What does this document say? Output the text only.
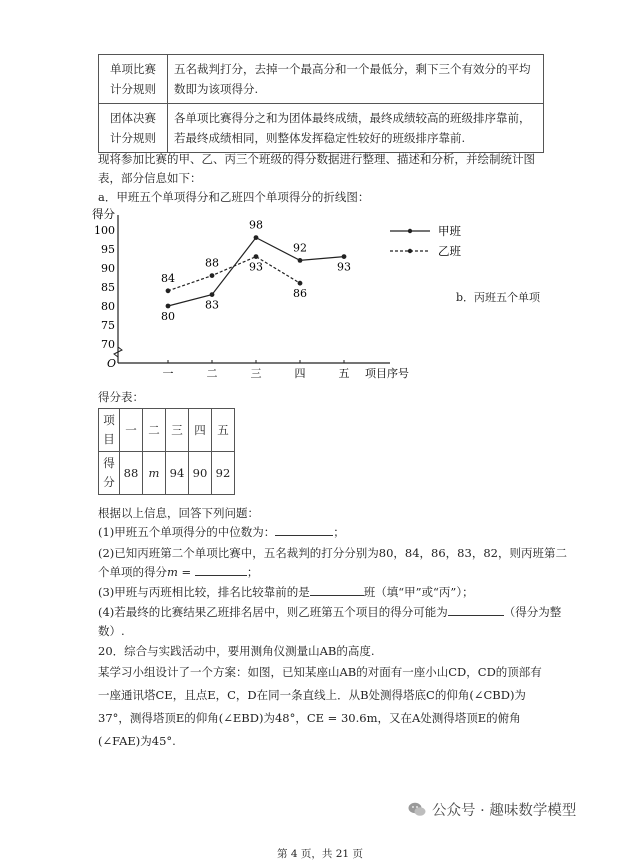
单项比赛计分规则	五名裁判打分，去掉一个最高分和一个最低分，剩下三个有效分的平均数即为该项得分.
团体决赛计分规则	各单项比赛得分之和为团体最终成绩，最终成绩较高的班级排序靠前，若最终成绩相同，则整体发挥稳定性较好的班级排序靠前.
现将参加比赛的甲、乙、丙三个班级的得分数据进行整理、描述和分析，并绘制统计图
表，部分信息如下：
a．甲班五个单项得分和乙班四个单项得分的折线图：
70
75
80
85
90
95
100
一	二	三	四	五
80
83
98
92
93
84
88	93
86
得分
O
项目序号
甲班
乙班
b．丙班五个单项
得分表：
项目	一	二	三	四	五
得分	88	m	94	90	92
根据以上信息，回答下列问题：
(1)甲班五个单项得分的中位数为：	；
(2)已知丙班第二个单项比赛中，五名裁判的打分分别为80，84，86，83，82，则丙班第二
个单项的得分m =	；
(3)甲班与丙班相比较，排名比较靠前的是	班（填“甲”或“丙”）；
(4)若最终的比赛结果乙班排名居中，则乙班第五个项目的得分可能为	（得分为整
数）.
20．综合与实践活动中，要用测角仪测量山AB的高度.
某学习小组设计了一个方案：如图，已知某座山AB的对面有一座小山CD，CD的顶部有
一座通讯塔CE，且点E，C，D在同一条直线上．从B处测得塔底C的仰角(∠CBD)为
37°，测得塔顶E的仰角(∠EBD)为48°，CE = 30.6m，又在A处测得塔顶E的俯角
(∠FAE)为45°.
公众号 · 趣味数学模型
第 4 页，共 21 页
